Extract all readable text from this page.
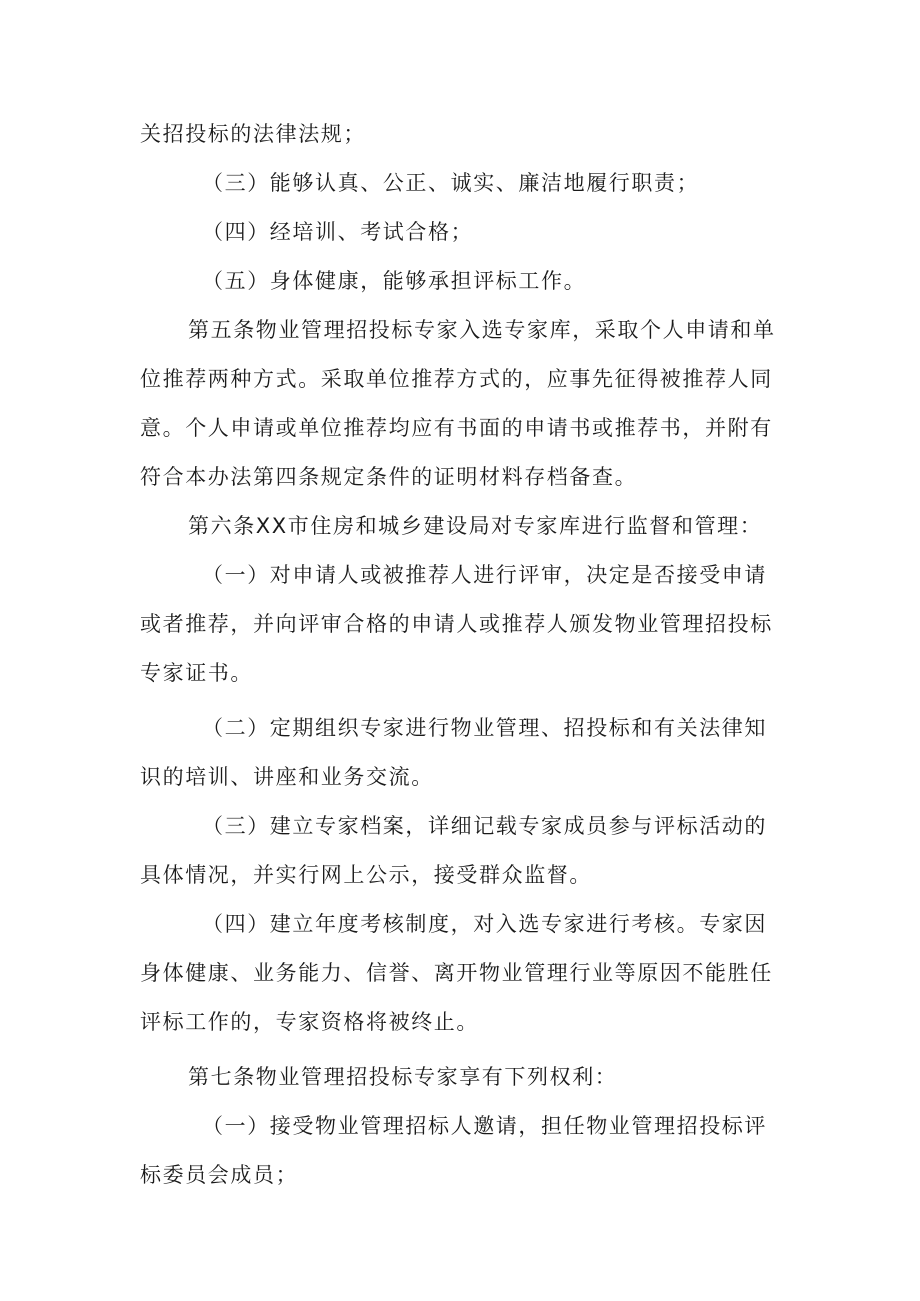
关招投标的法律法规；

（三）能够认真、公正、诚实、廉洁地履行职责；

（四）经培训、考试合格；

（五）身体健康，能够承担评标工作。

第五条物业管理招投标专家入选专家库，采取个人申请和单

位推荐两种方式。采取单位推荐方式的，应事先征得被推荐人同

意。个人申请或单位推荐均应有书面的申请书或推荐书，并附有

符合本办法第四条规定条件的证明材料存档备查。

第六条XX市住房和城乡建设局对专家库进行监督和管理：

（一）对申请人或被推荐人进行评审，决定是否接受申请

或者推荐，并向评审合格的申请人或推荐人颁发物业管理招投标

专家证书。

（二）定期组织专家进行物业管理、招投标和有关法律知

识的培训、讲座和业务交流。

（三）建立专家档案，详细记载专家成员参与评标活动的

具体情况，并实行网上公示，接受群众监督。

（四）建立年度考核制度，对入选专家进行考核。专家因

身体健康、业务能力、信誉、离开物业管理行业等原因不能胜任

评标工作的，专家资格将被终止。

第七条物业管理招投标专家享有下列权利：

（一）接受物业管理招标人邀请，担任物业管理招投标评

标委员会成员；
